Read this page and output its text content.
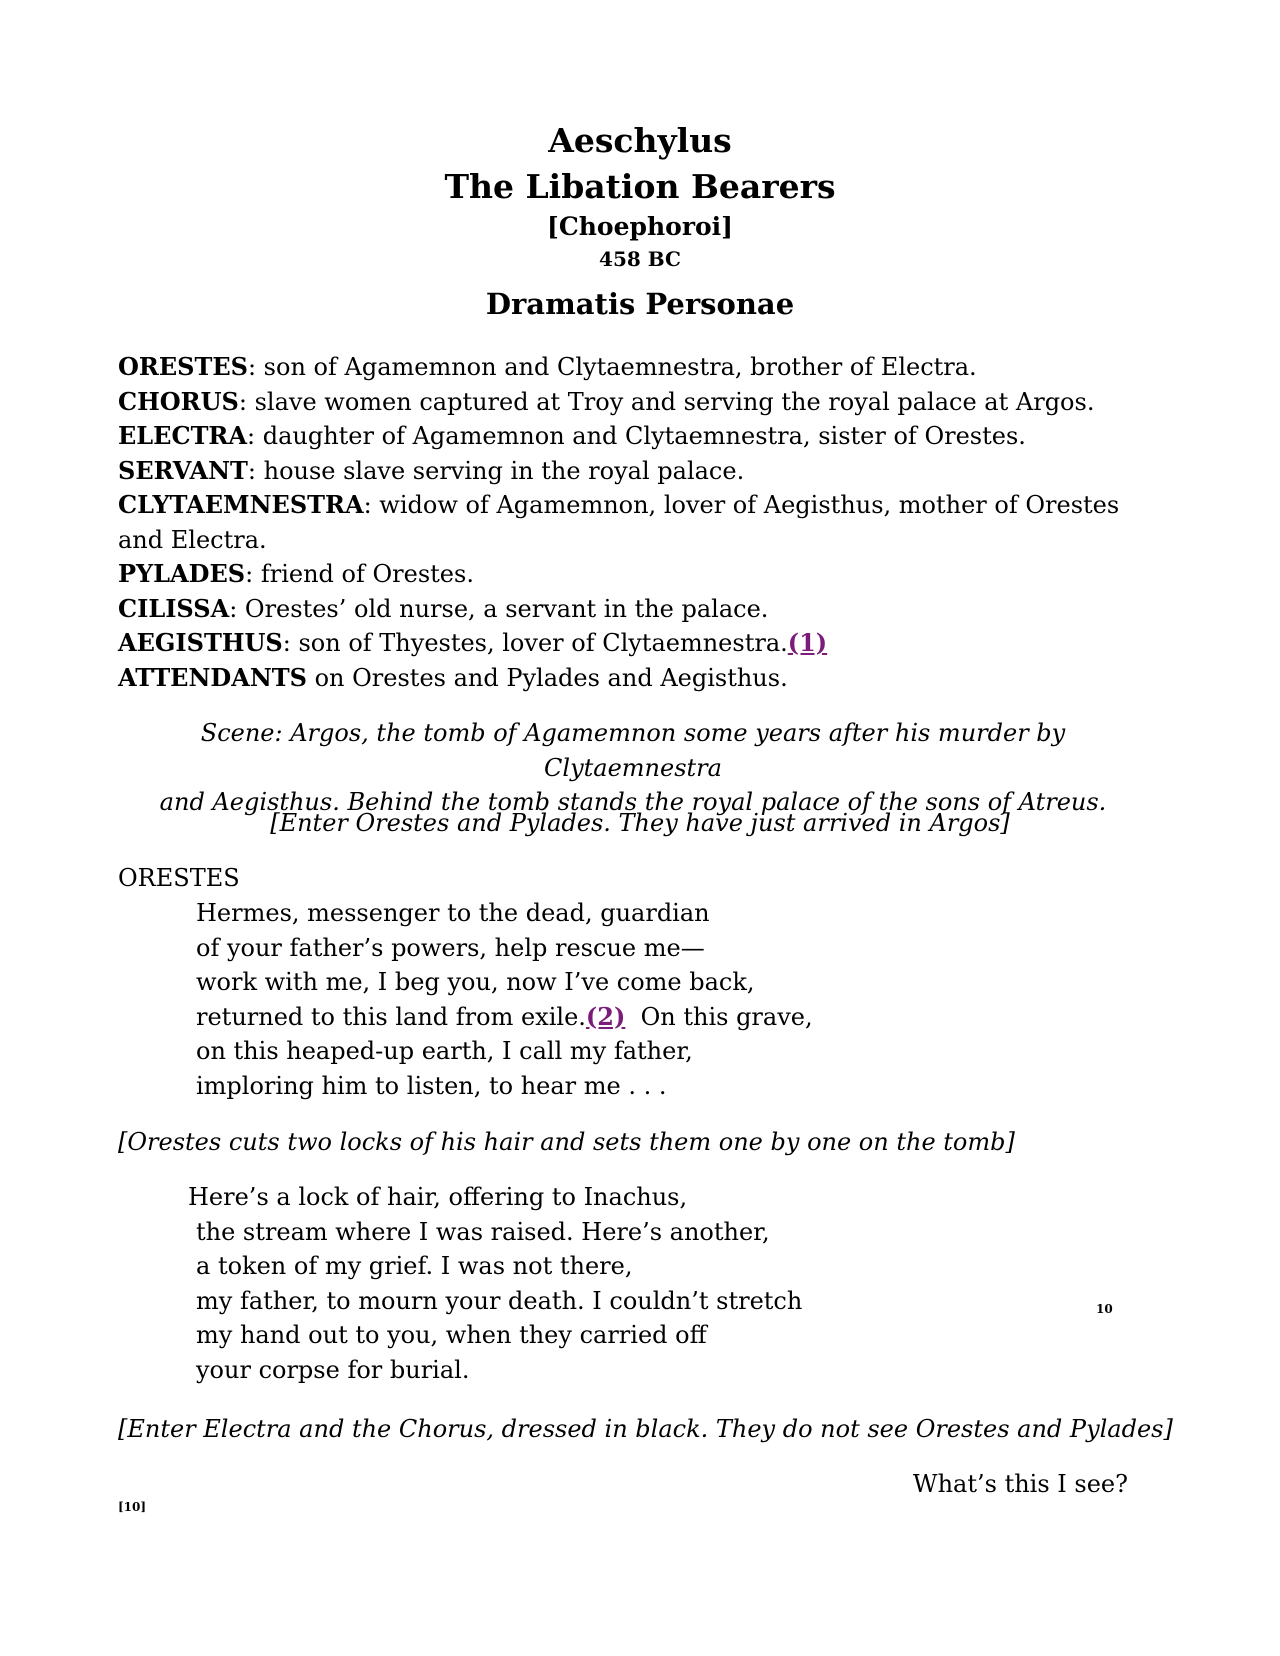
Aeschylus
The Libation Bearers
[Choephoroi]
458 BC
Dramatis Personae
ORESTES: son of Agamemnon and Clytaemnestra, brother of Electra.
CHORUS: slave women captured at Troy and serving the royal palace at Argos.
ELECTRA: daughter of Agamemnon and Clytaemnestra, sister of Orestes.
SERVANT: house slave serving in the royal palace.
CLYTAEMNESTRA: widow of Agamemnon, lover of Aegisthus, mother of Orestes and Electra.
PYLADES: friend of Orestes.
CILISSA: Orestes’ old nurse, a servant in the palace.
AEGISTHUS: son of Thyestes, lover of Clytaemnestra.(1)
ATTENDANTS on Orestes and Pylades and Aegisthus.
Scene: Argos, the tomb of Agamemnon some years after his murder by Clytaemnestra
and Aegisthus. Behind the tomb stands the royal palace of the sons of Atreus.
[Enter Orestes and Pylades. They have just arrived in Argos]
ORESTES
Hermes, messenger to the dead, guardian
of your father’s powers, help rescue me—
work with me, I beg you, now I’ve come back,
returned to this land from exile.(2)  On this grave,
on this heaped-up earth, I call my father,
imploring him to listen, to hear me . . .
[Orestes cuts two locks of his hair and sets them one by one on the tomb]
Here’s a lock of hair, offering to Inachus,
the stream where I was raised. Here’s another,
a token of my grief. I was not there,
my father, to mourn your death. I couldn’t stretch
my hand out to you, when they carried off
your corpse for burial.
10
[Enter Electra and the Chorus, dressed in black. They do not see Orestes and Pylades]
What’s this I see?
[10]
